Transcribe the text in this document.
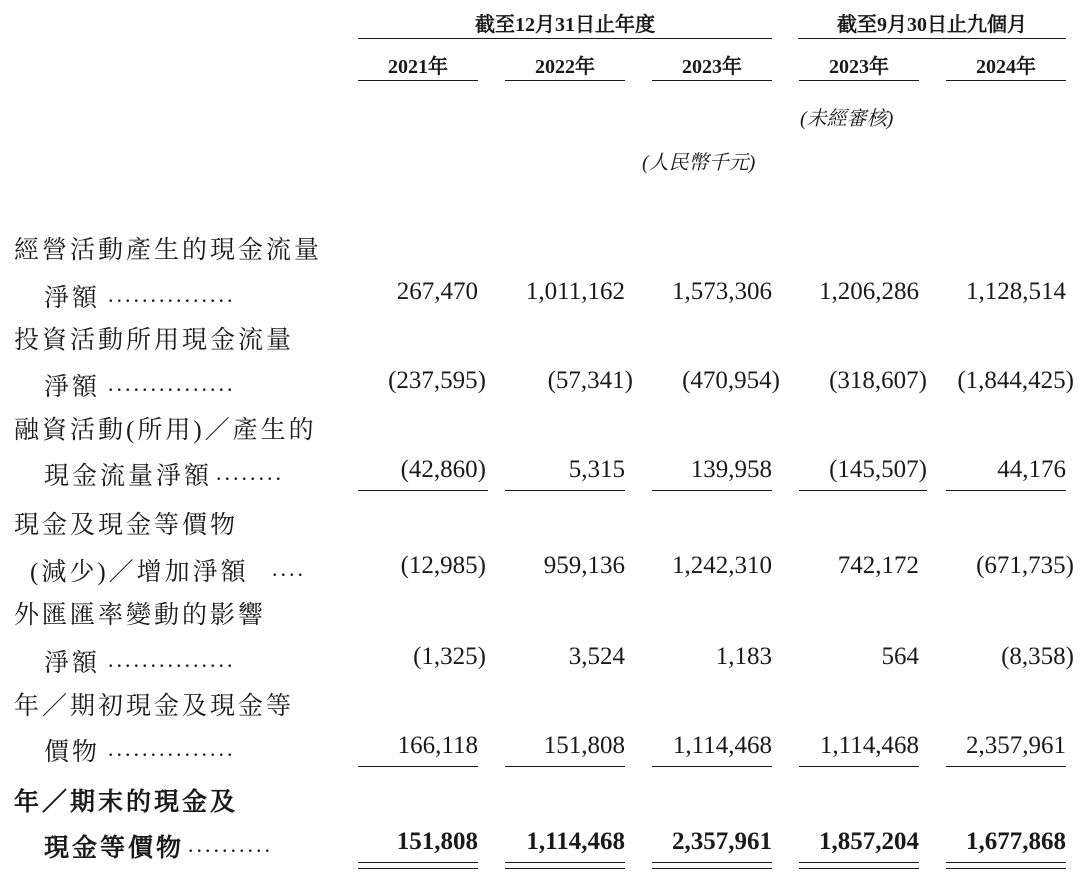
截至12月31日止年度	截至9月30日止九個月
2021年	2022年	2023年	2023年	2024年
(未經審核)
(人民幣千元)
經營活動產生的現金流量
淨額 ...............	267,470	1,011,162	1,573,306	1,206,286	1,128,514
投資活動所用現金流量
淨額 ...............	(237,595)	(57,341)	(470,954)	(318,607)	(1,844,425)
融資活動(所用)／產生的
現金流量淨額 ........	(42,860)	5,315	139,958	(145,507)	44,176
現金及現金等價物
(減少)／增加淨額 ....	(12,985)	959,136	1,242,310	742,172	(671,735)
外匯匯率變動的影響
淨額 ...............	(1,325)	3,524	1,183	564	(8,358)
年／期初現金及現金等
價物 ...............	166,118	151,808	1,114,468	1,114,468	2,357,961
年／期末的現金及
現金等價物 ..........	151,808	1,114,468	2,357,961	1,857,204	1,677,868
